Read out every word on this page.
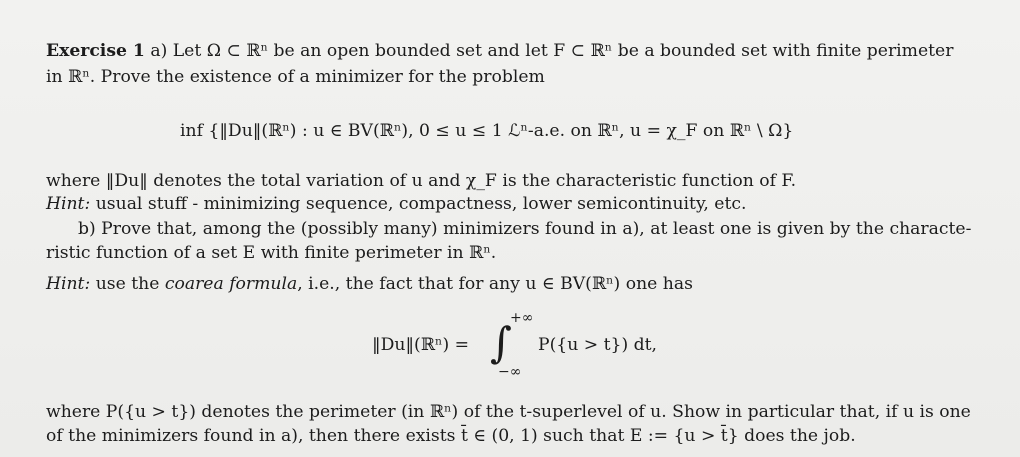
Exercise 1 a) Let Ω ⊂ ℝⁿ be an open bounded set and let F ⊂ ℝⁿ be a bounded set with finite perimeter
in ℝⁿ. Prove the existence of a minimizer for the problem
inf {‖Du‖(ℝⁿ) : u ∈ BV(ℝⁿ), 0 ≤ u ≤ 1 ℒⁿ-a.e. on ℝⁿ, u = χ_F on ℝⁿ \ Ω}
where ‖Du‖ denotes the total variation of u and χ_F is the characteristic function of F.
Hint: usual stuff - minimizing sequence, compactness, lower semicontinuity, etc.
b) Prove that, among the (possibly many) minimizers found in a), at least one is given by the characte-
ristic function of a set E with finite perimeter in ℝⁿ.
Hint: use the coarea formula, i.e., the fact that for any u ∈ BV(ℝⁿ) one has
‖Du‖(ℝⁿ) = ∫
+∞
−∞
P({u > t}) dt,
where P({u > t}) denotes the perimeter (in ℝⁿ) of the t-superlevel of u. Show in particular that, if u is one
of the minimizers found in a), then there exists t̄ ∈ (0, 1) such that E := {u > t̄} does the job.
